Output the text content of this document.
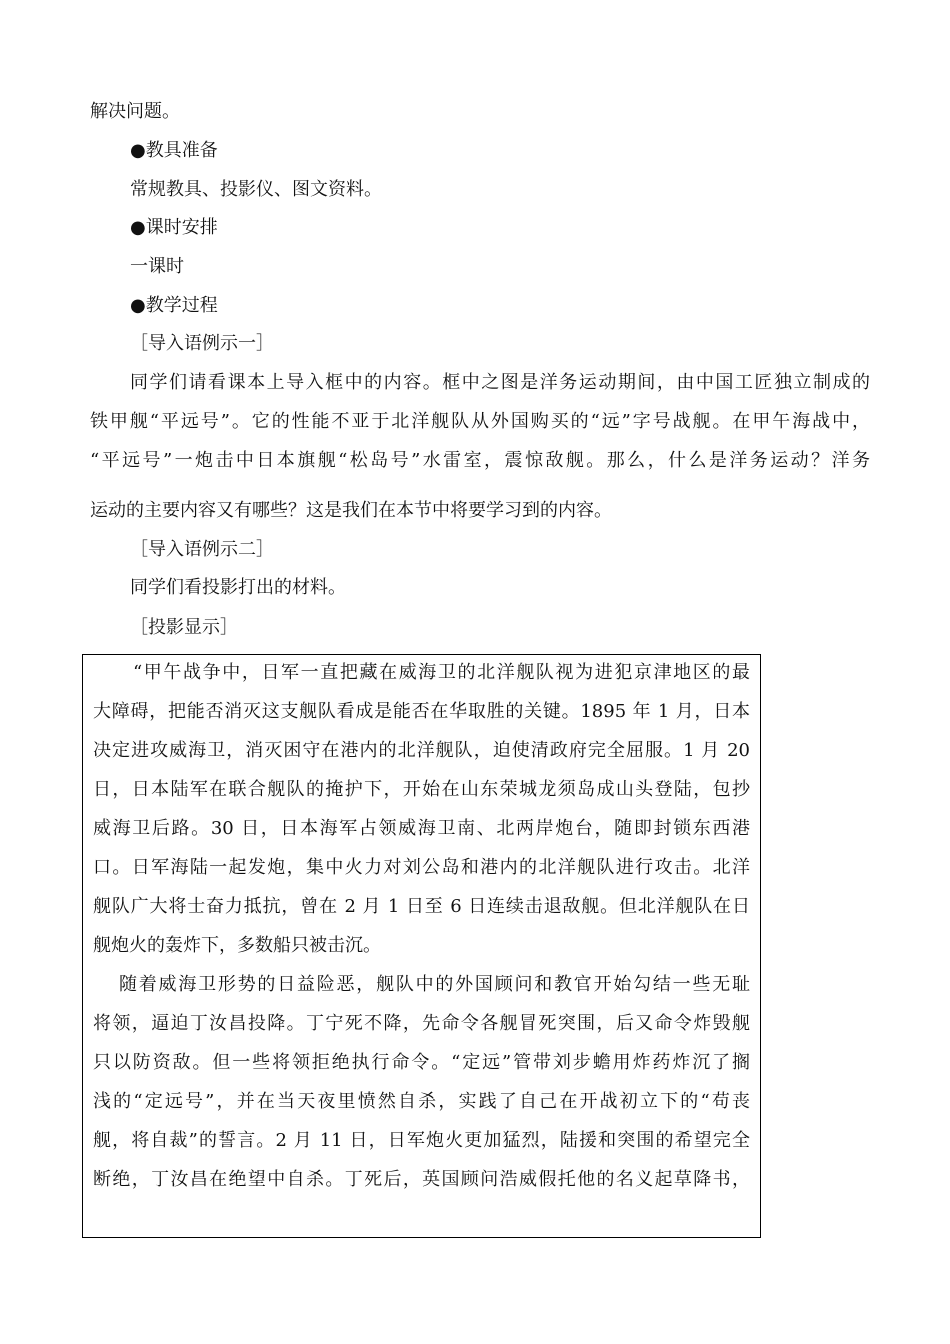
解决问题。

●教具准备

常规教具、投影仪、图文资料。

●课时安排

一课时

●教学过程

［导入语例示一］

同学们请看课本上导入框中的内容。框中之图是洋务运动期间，由中国工匠独立制成的

铁甲舰“平远号”。它的性能不亚于北洋舰队从外国购买的“远”字号战舰。在甲午海战中，

“平远号”一炮击中日本旗舰“松岛号”水雷室，震惊敌舰。那么，什么是洋务运动？洋务

运动的主要内容又有哪些？这是我们在本节中将要学习到的内容。

［导入语例示二］

同学们看投影打出的材料。

［投影显示］

“甲午战争中，日军一直把藏在威海卫的北洋舰队视为进犯京津地区的最

大障碍，把能否消灭这支舰队看成是能否在华取胜的关键。1895 年 1 月，日本

决定进攻威海卫，消灭困守在港内的北洋舰队，迫使清政府完全屈服。1 月 20

日，日本陆军在联合舰队的掩护下，开始在山东荣城龙须岛成山头登陆，包抄

威海卫后路。30 日，日本海军占领威海卫南、北两岸炮台，随即封锁东西港

口。日军海陆一起发炮，集中火力对刘公岛和港内的北洋舰队进行攻击。北洋

舰队广大将士奋力抵抗，曾在 2 月 1 日至 6 日连续击退敌舰。但北洋舰队在日

舰炮火的轰炸下，多数船只被击沉。

随着威海卫形势的日益险恶，舰队中的外国顾问和教官开始勾结一些无耻

将领，逼迫丁汝昌投降。丁宁死不降，先命令各舰冒死突围，后又命令炸毁舰

只以防资敌。但一些将领拒绝执行命令。“定远”管带刘步蟾用炸药炸沉了搁

浅的“定远号”，并在当天夜里愤然自杀，实践了自己在开战初立下的“苟丧

舰，将自裁”的誓言。2 月 11 日，日军炮火更加猛烈，陆援和突围的希望完全

断绝，丁汝昌在绝望中自杀。丁死后，英国顾问浩威假托他的名义起草降书，
